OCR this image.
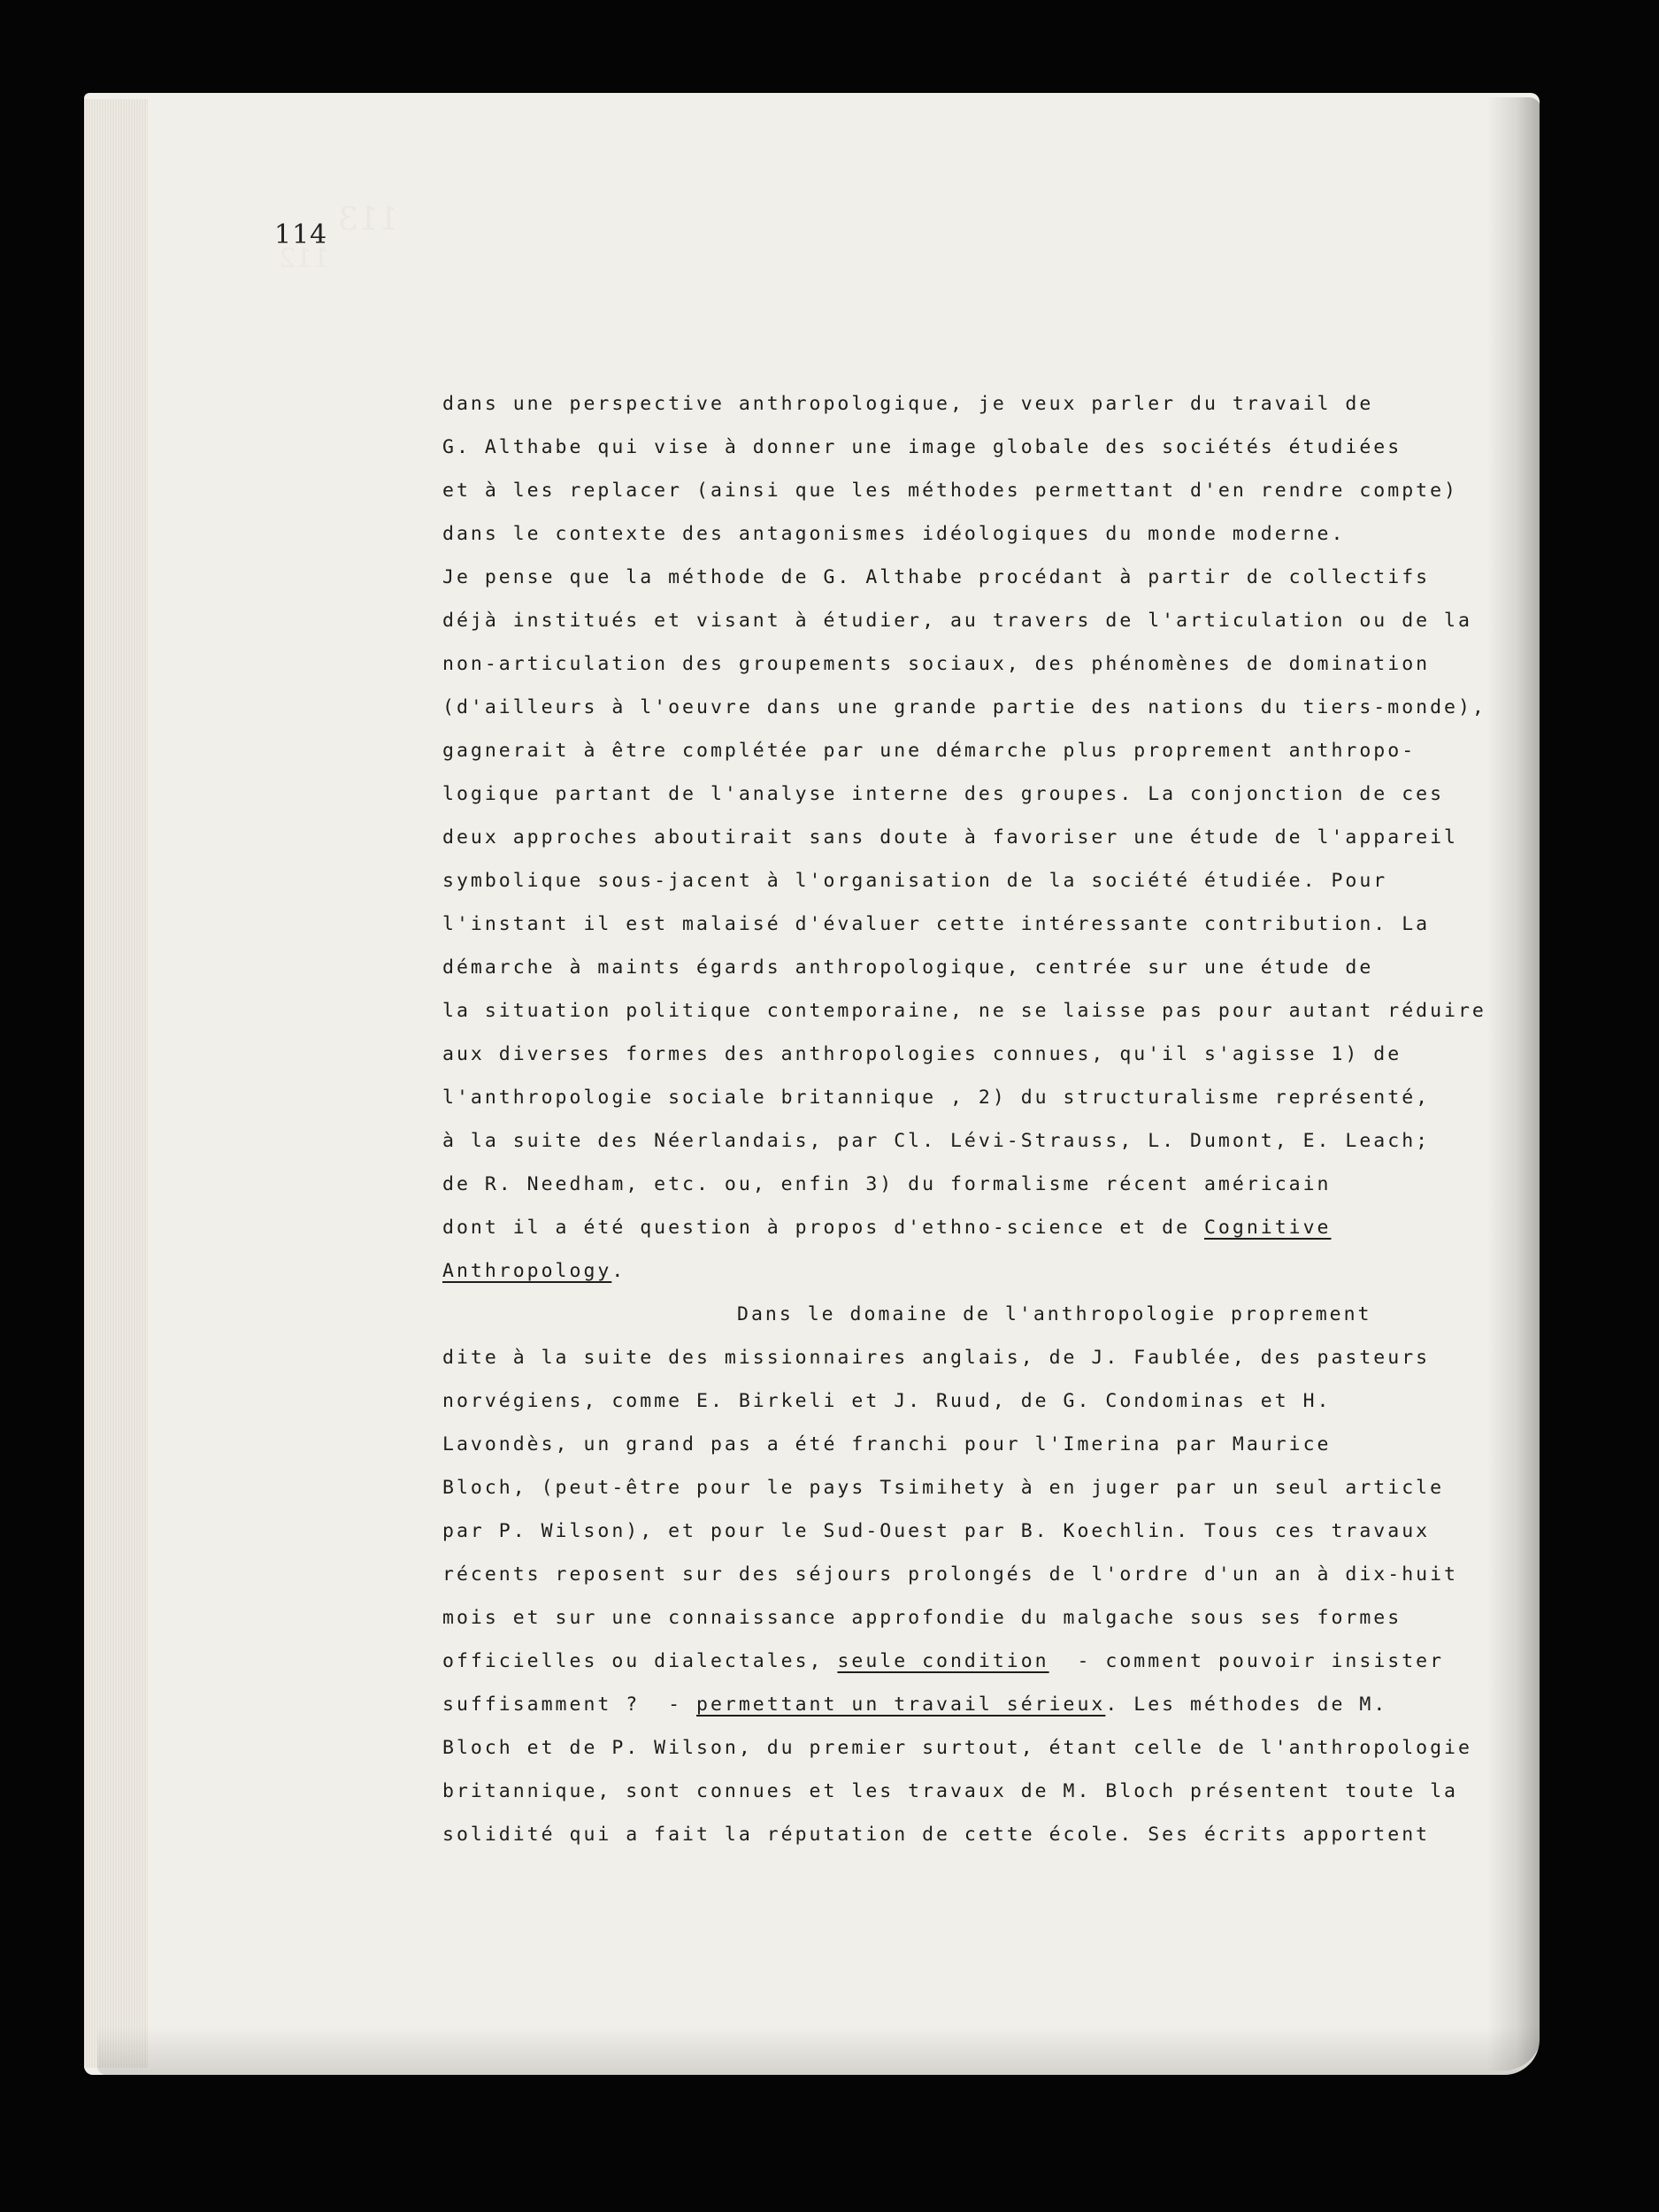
113
112
114
dans une perspective anthropologique, je veux parler du travail de
G. Althabe qui vise à donner une image globale des sociétés étudiées
et à les replacer (ainsi que les méthodes permettant d'en rendre compte)
dans le contexte des antagonismes idéologiques du monde moderne.
Je pense que la méthode de G. Althabe procédant à partir de collectifs
déjà institués et visant à étudier, au travers de l'articulation ou de la
non-articulation des groupements sociaux, des phénomènes de domination
(d'ailleurs à l'oeuvre dans une grande partie des nations du tiers-monde),
gagnerait à être complétée par une démarche plus proprement anthropo-
logique partant de l'analyse interne des groupes. La conjonction de ces
deux approches aboutirait sans doute à favoriser une étude de l'appareil
symbolique sous-jacent à l'organisation de la société étudiée. Pour
l'instant il est malaisé d'évaluer cette intéressante contribution. La
démarche à maints égards anthropologique, centrée sur une étude de
la situation politique contemporaine, ne se laisse pas pour autant réduire
aux diverses formes des anthropologies connues, qu'il s'agisse 1) de
l'anthropologie sociale britannique , 2) du structuralisme représenté,
à la suite des Néerlandais, par Cl. Lévi-Strauss, L. Dumont, E. Leach;
de R. Needham, etc. ou, enfin 3) du formalisme récent américain
dont il a été question à propos d'ethno-science et de Cognitive
Anthropology.
Dans le domaine de l'anthropologie proprement
dite à la suite des missionnaires anglais, de J. Faublée, des pasteurs
norvégiens, comme E. Birkeli et J. Ruud, de G. Condominas et H.
Lavondès, un grand pas a été franchi pour l'Imerina par Maurice
Bloch, (peut-être pour le pays Tsimihety à en juger par un seul article
par P. Wilson), et pour le Sud-Ouest par B. Koechlin. Tous ces travaux
récents reposent sur des séjours prolongés de l'ordre d'un an à dix-huit
mois et sur une connaissance approfondie du malgache sous ses formes
officielles ou dialectales, seule condition  - comment pouvoir insister
suffisamment ?  - permettant un travail sérieux. Les méthodes de M.
Bloch et de P. Wilson, du premier surtout, étant celle de l'anthropologie
britannique, sont connues et les travaux de M. Bloch présentent toute la
solidité qui a fait la réputation de cette école. Ses écrits apportent
